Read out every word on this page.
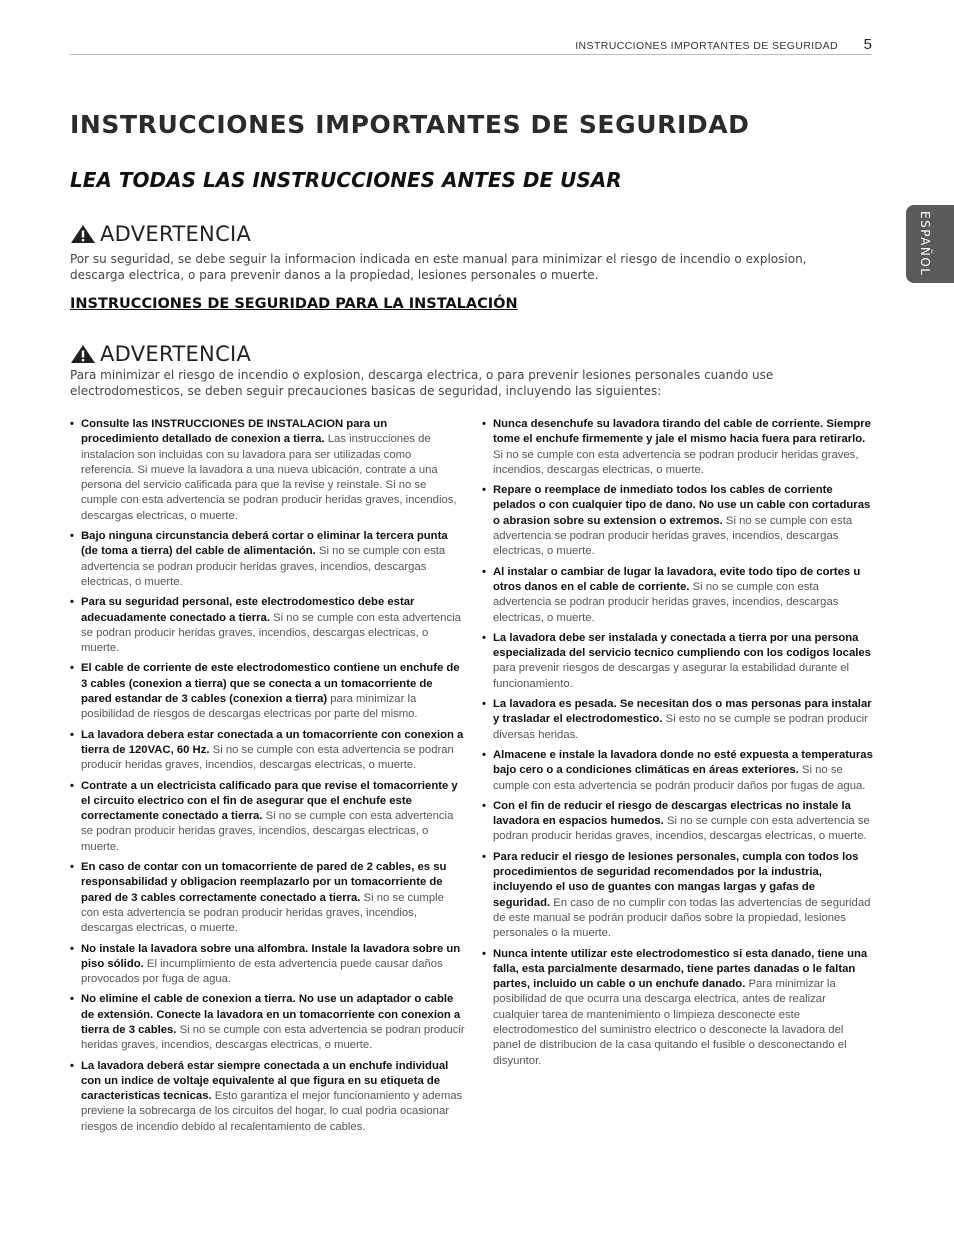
INSTRUCCIONES IMPORTANTES DE SEGURIDAD 5
ESPAÑOL
INSTRUCCIONES IMPORTANTES DE SEGURIDAD
LEA TODAS LAS INSTRUCCIONES ANTES DE USAR
ADVERTENCIA
Por su seguridad, se debe seguir la informacion indicada en este manual para minimizar el riesgo de incendio o explosion, descarga electrica, o para prevenir danos a la propiedad, lesiones personales o muerte.
INSTRUCCIONES DE SEGURIDAD PARA LA INSTALACIÓN
ADVERTENCIA
Para minimizar el riesgo de incendio o explosion, descarga electrica, o para prevenir lesiones personales cuando use electrodomesticos, se deben seguir precauciones basicas de seguridad, incluyendo las siguientes:
• Consulte las INSTRUCCIONES DE INSTALACION para un procedimiento detallado de conexion a tierra. Las instrucciones de instalacion son incluidas con su lavadora para ser utilizadas como referencia. Si mueve la lavadora a una nueva ubicación, contrate a una persona del servicio calificada para que la revise y reinstale. Si no se cumple con esta advertencia se podran producir heridas graves, incendios, descargas electricas, o muerte.
• Bajo ninguna circunstancia deberá cortar o eliminar la tercera punta (de toma a tierra) del cable de alimentación. Si no se cumple con esta advertencia se podran producir heridas graves, incendios, descargas electricas, o muerte.
• Para su seguridad personal, este electrodomestico debe estar adecuadamente conectado a tierra. Si no se cumple con esta advertencia se podran producir heridas graves, incendios, descargas electricas, o muerte.
• El cable de corriente de este electrodomestico contiene un enchufe de 3 cables (conexion a tierra) que se conecta a un tomacorriente de pared estandar de 3 cables (conexion a tierra) para minimizar la posibilidad de riesgos de descargas electricas por parte del mismo.
• La lavadora debera estar conectada a un tomacorriente con conexion a tierra de 120VAC, 60 Hz. Si no se cumple con esta advertencia se podran producir heridas graves, incendios, descargas electricas, o muerte.
• Contrate a un electricista calificado para que revise el tomacorriente y el circuito electrico con el fin de asegurar que el enchufe este correctamente conectado a tierra. Si no se cumple con esta advertencia se podran producir heridas graves, incendios, descargas electricas, o muerte.
• En caso de contar con un tomacorriente de pared de 2 cables, es su responsabilidad y obligacion reemplazarlo por un tomacorriente de pared de 3 cables correctamente conectado a tierra. Si no se cumple con esta advertencia se podran producir heridas graves, incendios, descargas electricas, o muerte.
• No instale la lavadora sobre una alfombra. Instale la lavadora sobre un piso sólido. El incumplimiento de esta advertencia puede causar daños provocados por fuga de agua.
• No elimine el cable de conexion a tierra. No use un adaptador o cable de extensión. Conecte la lavadora en un tomacorriente con conexion a tierra de 3 cables. Si no se cumple con esta advertencia se podran producir heridas graves, incendios, descargas electricas, o muerte.
• La lavadora deberá estar siempre conectada a un enchufe individual con un indice de voltaje equivalente al que figura en su etiqueta de caracteristicas tecnicas. Esto garantiza el mejor funcionamiento y ademas previene la sobrecarga de los circuitos del hogar, lo cual podria ocasionar riesgos de incendio debido al recalentamiento de cables.
• Nunca desenchufe su lavadora tirando del cable de corriente. Siempre tome el enchufe firmemente y jale el mismo hacia fuera para retirarlo. Si no se cumple con esta advertencia se podran producir heridas graves, incendios, descargas electricas, o muerte.
• Repare o reemplace de inmediato todos los cables de corriente pelados o con cualquier tipo de dano. No use un cable con cortaduras o abrasion sobre su extension o extremos. Si no se cumple con esta advertencia se podran producir heridas graves, incendios, descargas electricas, o muerte.
• Al instalar o cambiar de lugar la lavadora, evite todo tipo de cortes u otros danos en el cable de corriente. Si no se cumple con esta advertencia se podran producir heridas graves, incendios, descargas electricas, o muerte.
• La lavadora debe ser instalada y conectada a tierra por una persona especializada del servicio tecnico cumpliendo con los codigos locales para prevenir riesgos de descargas y asegurar la estabilidad durante el funcionamiento.
• La lavadora es pesada. Se necesitan dos o mas personas para instalar y trasladar el electrodomestico. Si esto no se cumple se podran producir diversas heridas.
• Almacene e instale la lavadora donde no esté expuesta a temperaturas bajo cero o a condiciones climáticas en áreas exteriores. Si no se cumple con esta advertencia se podrán producir daños por fugas de agua.
• Con el fin de reducir el riesgo de descargas electricas no instale la lavadora en espacios humedos. Si no se cumple con esta advertencia se podran producir heridas graves, incendios, descargas electricas, o muerte.
• Para reducir el riesgo de lesiones personales, cumpla con todos los procedimientos de seguridad recomendados por la industria, incluyendo el uso de guantes con mangas largas y gafas de seguridad. En caso de no cumplir con todas las advertencias de seguridad de este manual se podrán producir daños sobre la propiedad, lesiones personales o la muerte.
• Nunca intente utilizar este electrodomestico si esta danado, tiene una falla, esta parcialmente desarmado, tiene partes danadas o le faltan partes, incluido un cable o un enchufe danado. Para minimizar la posibilidad de que ocurra una descarga electrica, antes de realizar cualquier tarea de mantenimiento o limpieza desconecte este electrodomestico del suministro electrico o desconecte la lavadora del panel de distribucion de la casa quitando el fusible o desconectando el disyuntor.
